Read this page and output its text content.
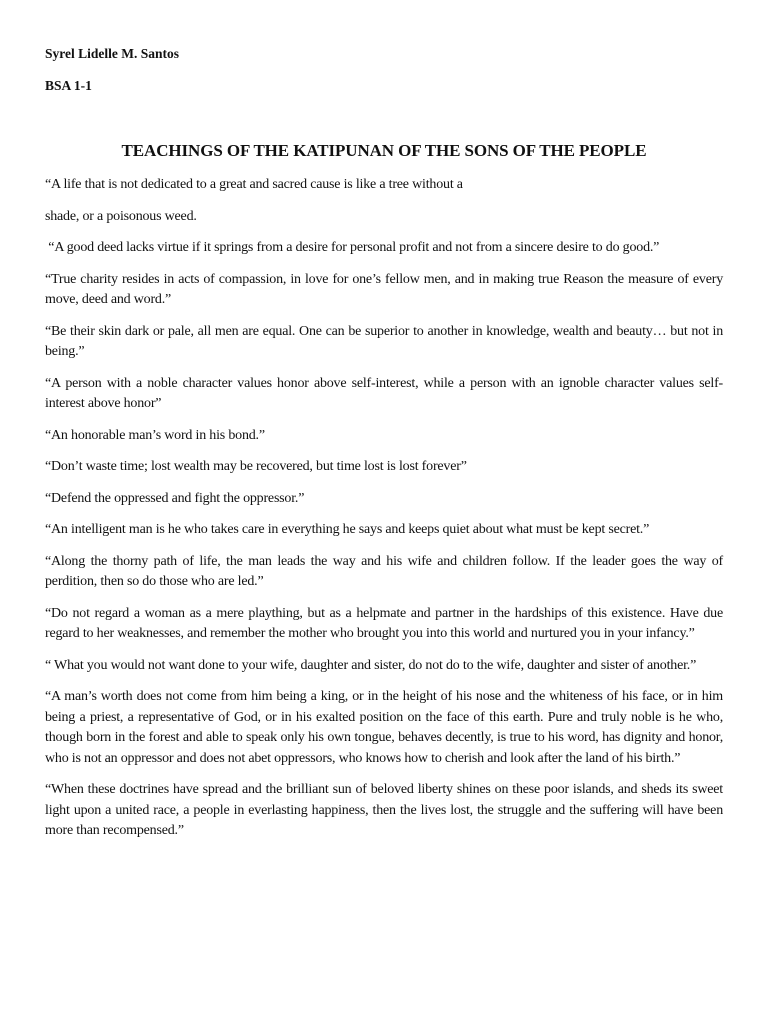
Syrel Lidelle M. Santos
BSA 1-1
TEACHINGS OF THE KATIPUNAN OF THE SONS OF THE PEOPLE

“A life that is not dedicated to a great and sacred cause is like a tree without a

shade, or a poisonous weed.

“A good deed lacks virtue if it springs from a desire for personal profit and not from a sincere desire to do good.”

“True charity resides in acts of compassion, in love for one’s fellow men, and in making true Reason the measure of every move, deed and word.”

“Be their skin dark or pale, all men are equal. One can be superior to another in knowledge, wealth and beauty… but not in being.”

“A person with a noble character values honor above self-interest, while a person with an ignoble character values self-interest above honor”

“An honorable man’s word in his bond.”

“Don’t waste time; lost wealth may be recovered, but time lost is lost forever”

“Defend the oppressed and fight the oppressor.”

“An intelligent man is he who takes care in everything he says and keeps quiet about what must be kept secret.”

“Along the thorny path of life, the man leads the way and his wife and children follow. If the leader goes the way of perdition, then so do those who are led.”

“Do not regard a woman as a mere plaything, but as a helpmate and partner in the hardships of this existence. Have due regard to her weaknesses, and remember the mother who brought you into this world and nurtured you in your infancy.”

“ What you would not want done to your wife, daughter and sister, do not do to the wife, daughter and sister of another.”

“A man’s worth does not come from him being a king, or in the height of his nose and the whiteness of his face, or in him being a priest, a representative of God, or in his exalted position on the face of this earth. Pure and truly noble is he who, though born in the forest and able to speak only his own tongue, behaves decently, is true to his word, has dignity and honor, who is not an oppressor and does not abet oppressors, who knows how to cherish and look after the land of his birth.”

“When these doctrines have spread and the brilliant sun of beloved liberty shines on these poor islands, and sheds its sweet light upon a united race, a people in everlasting happiness, then the lives lost, the struggle and the suffering will have been more than recompensed.”
